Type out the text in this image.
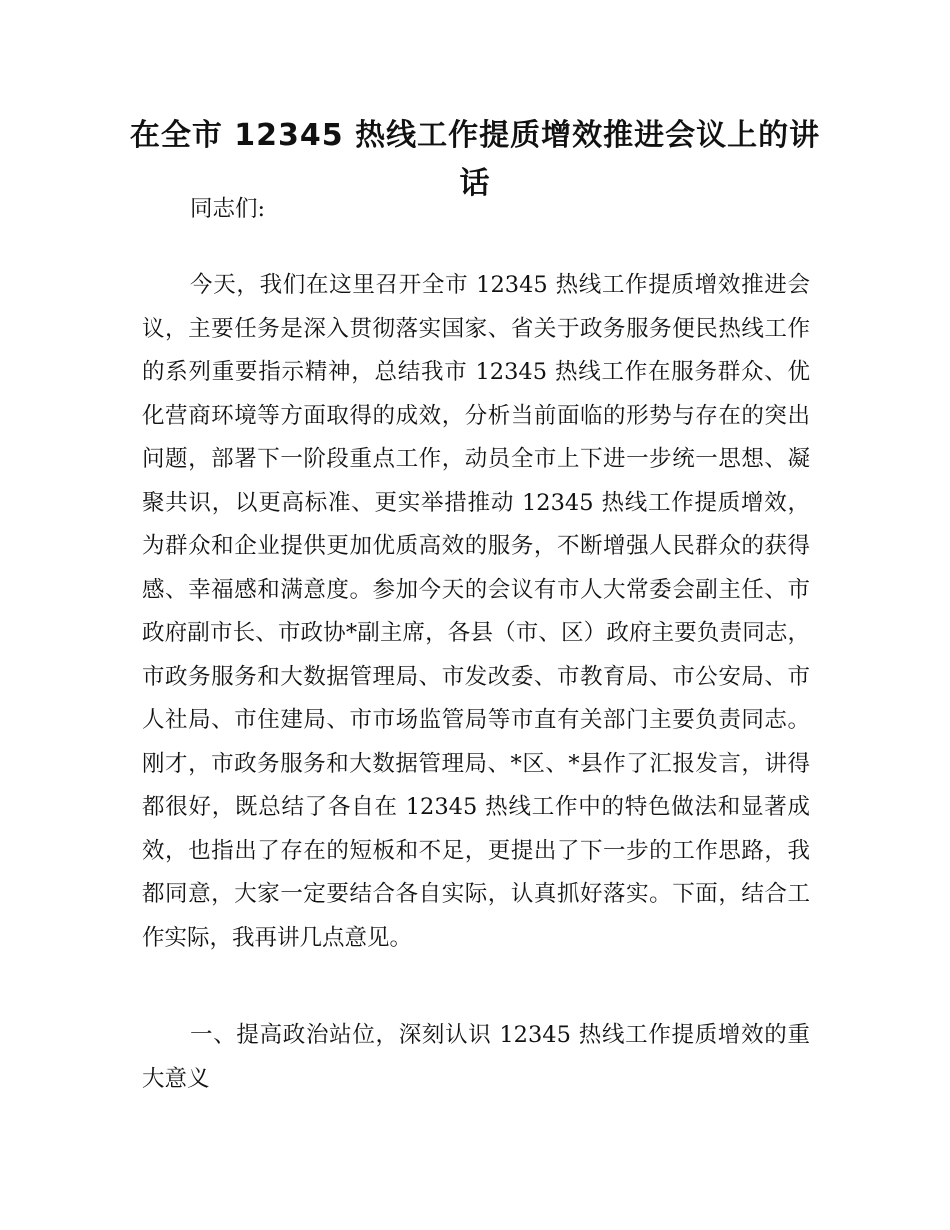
在全市 12345 热线工作提质增效推进会议上的讲话

同志们:

今天，我们在这里召开全市 12345 热线工作提质增效推进会议，主要任务是深入贯彻落实国家、省关于政务服务便民热线工作的系列重要指示精神，总结我市 12345 热线工作在服务群众、优化营商环境等方面取得的成效，分析当前面临的形势与存在的突出问题，部署下一阶段重点工作，动员全市上下进一步统一思想、凝聚共识，以更高标准、更实举措推动 12345 热线工作提质增效，为群众和企业提供更加优质高效的服务，不断增强人民群众的获得感、幸福感和满意度。参加今天的会议有市人大常委会副主任、市政府副市长、市政协*副主席，各县（市、区）政府主要负责同志，市政务服务和大数据管理局、市发改委、市教育局、市公安局、市人社局、市住建局、市市场监管局等市直有关部门主要负责同志。刚才，市政务服务和大数据管理局、*区、*县作了汇报发言，讲得都很好，既总结了各自在 12345 热线工作中的特色做法和显著成效，也指出了存在的短板和不足，更提出了下一步的工作思路，我都同意，大家一定要结合各自实际，认真抓好落实。下面，结合工作实际，我再讲几点意见。

一、提高政治站位，深刻认识 12345 热线工作提质增效的重大意义
